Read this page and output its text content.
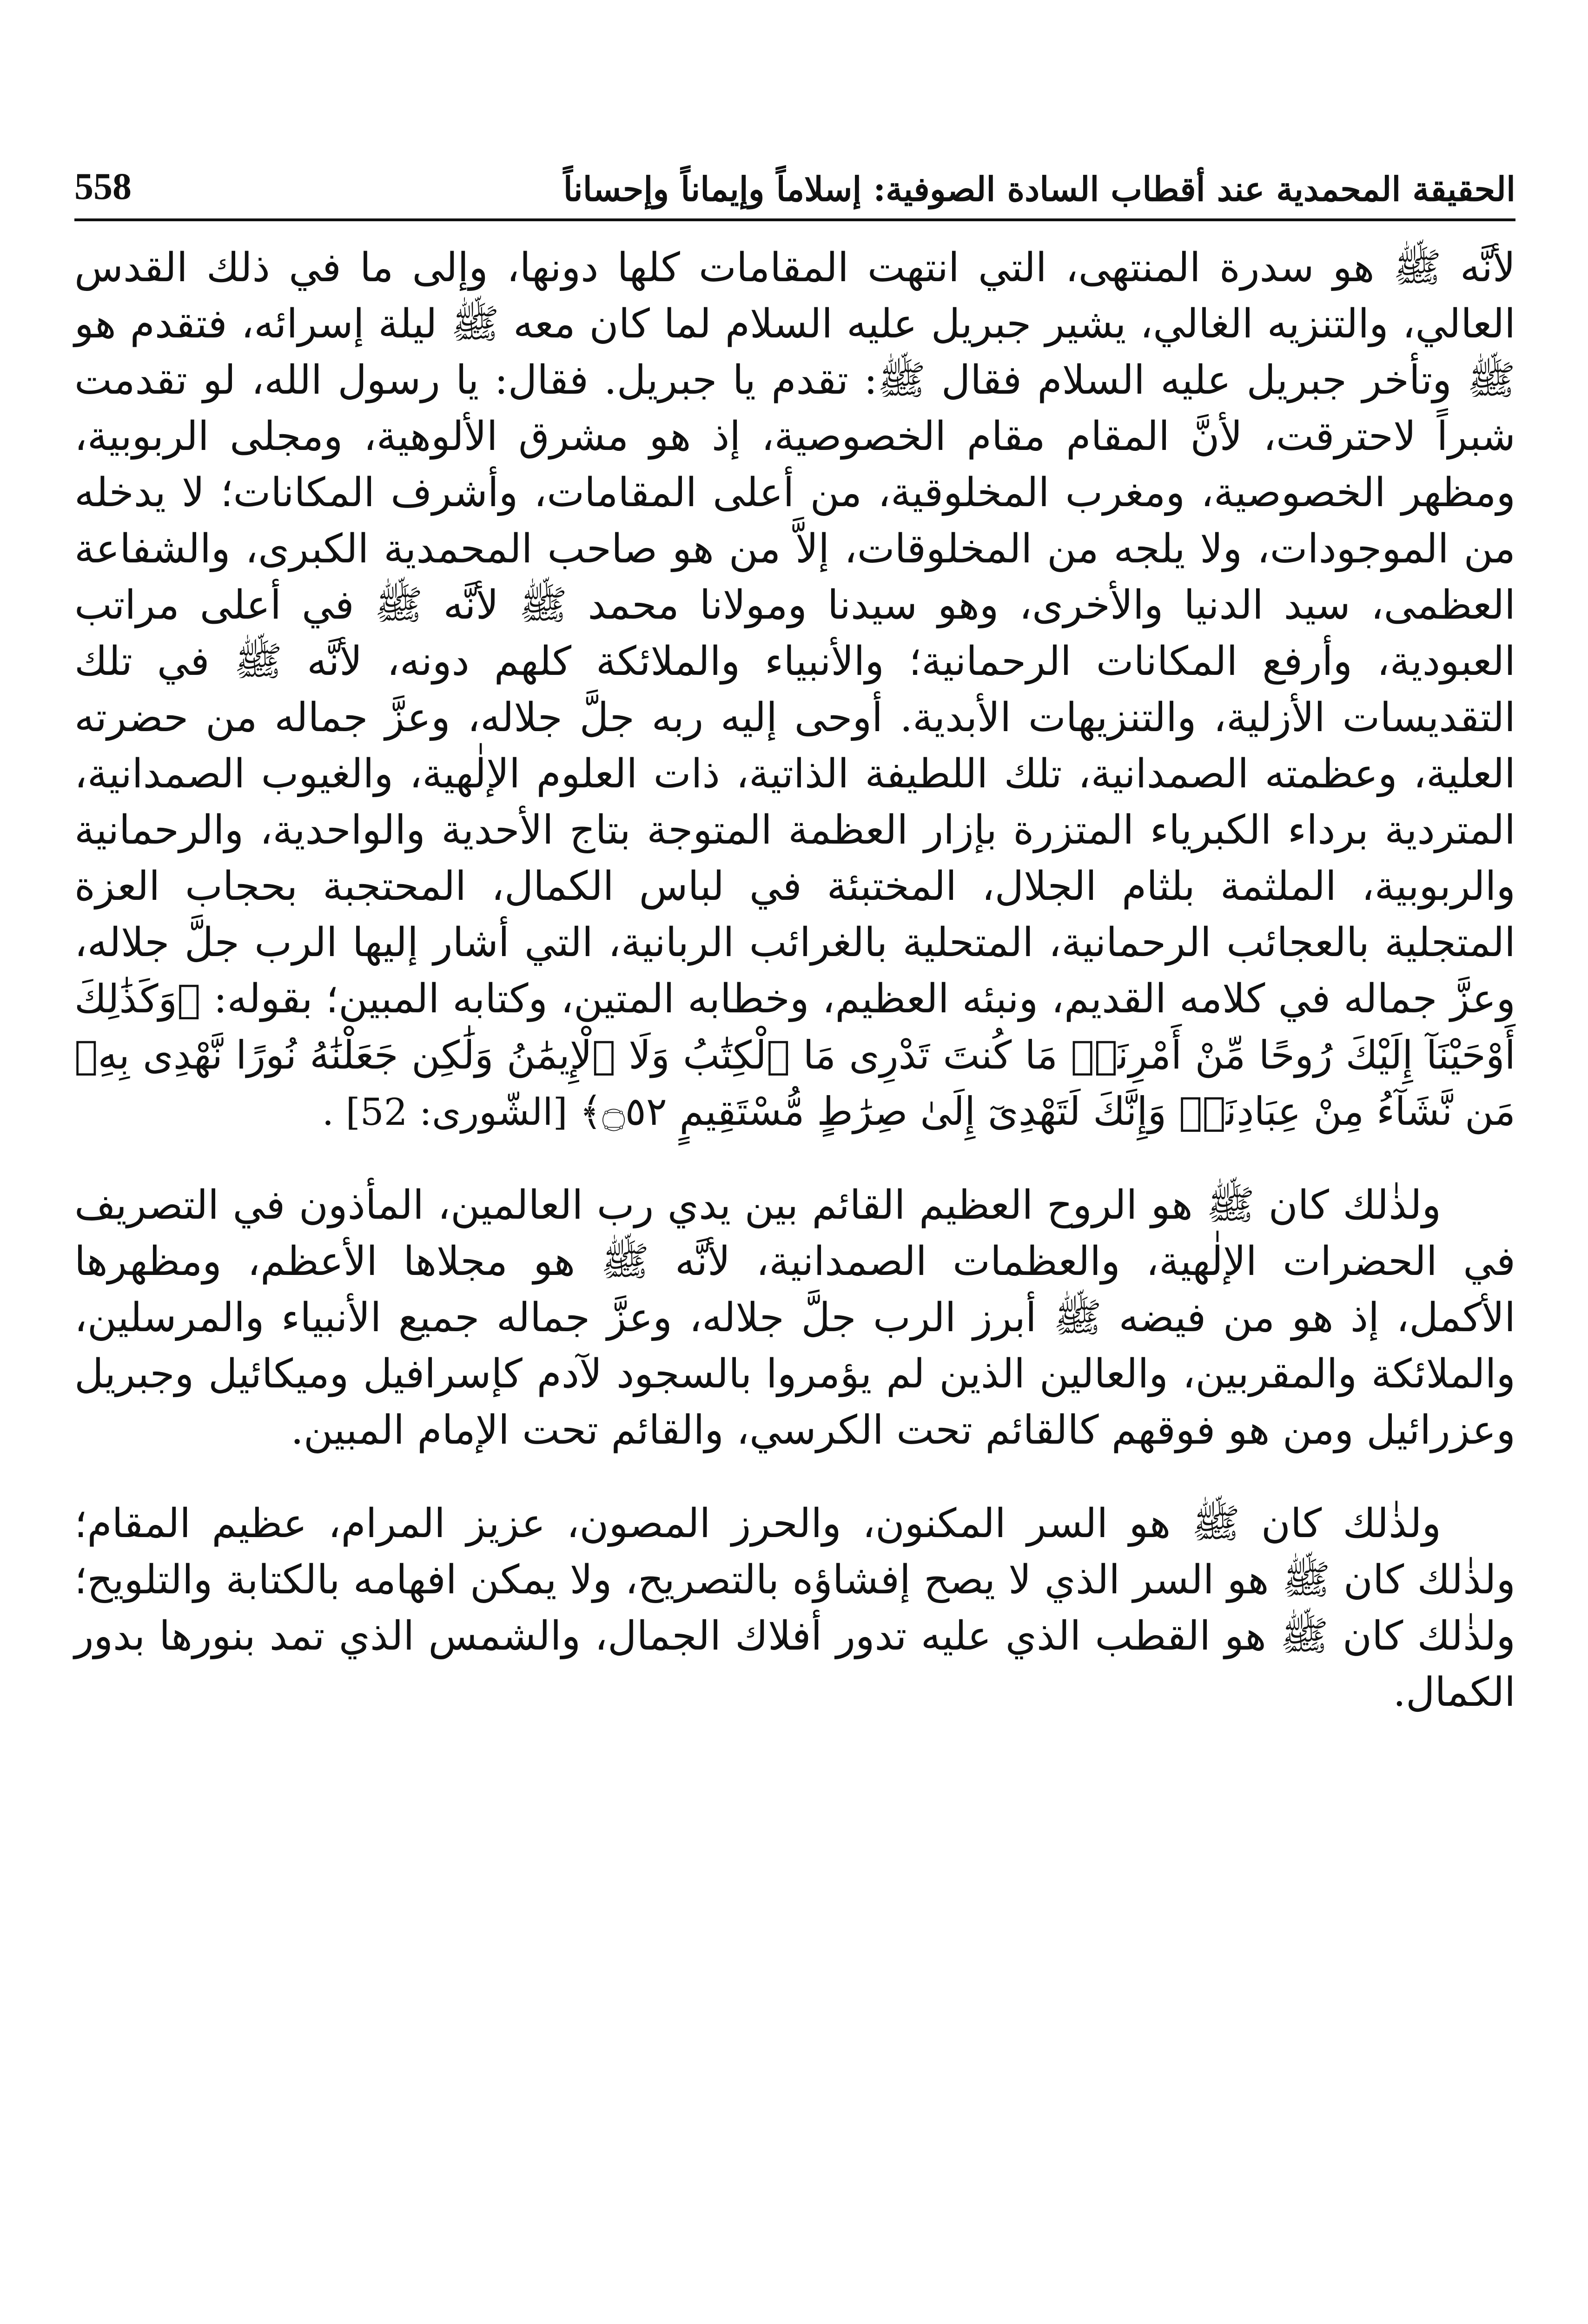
الحقيقة المحمدية عند أقطاب السادة الصوفية: إسلاماً وإيماناً وإحساناً
558

لأنَّه ﷺ هو سدرة المنتهى، التي انتهت المقامات كلها دونها، وإلى ما في ذلك القدس العالي، والتنزيه الغالي، يشير جبريل عليه السلام لما كان معه ﷺ ليلة إسرائه، فتقدم هو ﷺ وتأخر جبريل عليه السلام فقال ﷺ: تقدم يا جبريل. فقال: يا رسول الله، لو تقدمت شبراً لاحترقت، لأنَّ المقام مقام الخصوصية، إذ هو مشرق الألوهية، ومجلى الربوبية، ومظهر الخصوصية، ومغرب المخلوقية، من أعلى المقامات، وأشرف المكانات؛ لا يدخله من الموجودات، ولا يلجه من المخلوقات، إلاَّ من هو صاحب المحمدية الكبرى، والشفاعة العظمى، سيد الدنيا والأخرى، وهو سيدنا ومولانا محمد ﷺ لأنَّه ﷺ في أعلى مراتب العبودية، وأرفع المكانات الرحمانية؛ والأنبياء والملائكة كلهم دونه، لأنَّه ﷺ في تلك التقديسات الأزلية، والتنزيهات الأبدية. أوحى إليه ربه جلَّ جلاله، وعزَّ جماله من حضرته العلية، وعظمته الصمدانية، تلك اللطيفة الذاتية، ذات العلوم الإلٰهية، والغيوب الصمدانية، المتردية برداء الكبرياء المتزرة بإزار العظمة المتوجة بتاج الأحدية والواحدية، والرحمانية والربوبية، الملثمة بلثام الجلال، المختبئة في لباس الكمال، المحتجبة بحجاب العزة المتجلية بالعجائب الرحمانية، المتحلية بالغرائب الربانية، التي أشار إليها الرب جلَّ جلاله، وعزَّ جماله في كلامه القديم، ونبئه العظيم، وخطابه المتين، وكتابه المبين؛ بقوله: ﴿وَكَذَٰلِكَ أَوْحَيْنَآ إِلَيْكَ رُوحًا مِّنْ أَمْرِنَاۚ مَا كُنتَ تَدْرِى مَا ٱلْكِتَٰبُ وَلَا ٱلْإِيمَٰنُ وَلَٰكِن جَعَلْنَٰهُ نُورًا نَّهْدِى بِهِۦ مَن نَّشَآءُ مِنْ عِبَادِنَاۚ وَإِنَّكَ لَتَهْدِىٓ إِلَىٰ صِرَٰطٍ مُّسْتَقِيمٍ ۝٥٢﴾ [الشّورى: 52] .

ولذٰلك كان ﷺ هو الروح العظيم القائم بين يدي رب العالمين، المأذون في التصريف في الحضرات الإلٰهية، والعظمات الصمدانية، لأنَّه ﷺ هو مجلاها الأعظم، ومظهرها الأكمل، إذ هو من فيضه ﷺ أبرز الرب جلَّ جلاله، وعزَّ جماله جميع الأنبياء والمرسلين، والملائكة والمقربين، والعالين الذين لم يؤمروا بالسجود لآدم كإسرافيل وميكائيل وجبريل وعزرائيل ومن هو فوقهم كالقائم تحت الكرسي، والقائم تحت الإمام المبين.

ولذٰلك كان ﷺ هو السر المكنون، والحرز المصون، عزيز المرام، عظيم المقام؛ ولذٰلك كان ﷺ هو السر الذي لا يصح إفشاؤه بالتصريح، ولا يمكن افهامه بالكتابة والتلويح؛ ولذٰلك كان ﷺ هو القطب الذي عليه تدور أفلاك الجمال، والشمس الذي تمد بنورها بدور الكمال.
